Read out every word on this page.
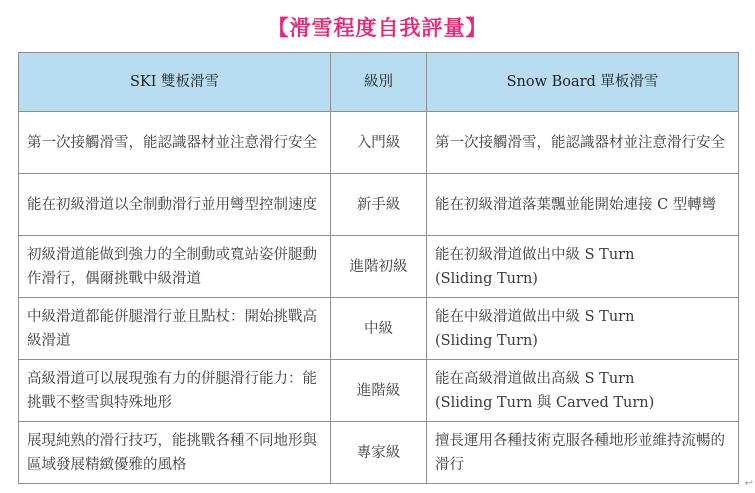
【滑雪程度自我評量】
SKI 雙板滑雪	級別	Snow Board 單板滑雪
第一次接觸滑雪，能認識器材並注意滑行安全	入門級	第一次接觸滑雪，能認識器材並注意滑行安全
能在初級滑道以全制動滑行並用彎型控制速度	新手級	能在初級滑道落葉飄並能開始連接 C 型轉彎
初級滑道能做到強力的全制動或寬站姿併腿動作滑行，偶爾挑戰中級滑道	進階初級	能在初級滑道做出中級 S Turn
(Sliding Turn)

中級滑道都能併腿滑行並且點杖：開始挑戰高級滑道	中級	能在中級滑道做出中級 S Turn
(Sliding Turn)

高級滑道可以展現強有力的併腿滑行能力：能挑戰不整雪與特殊地形	進階級	能在高級滑道做出高級 S Turn
(Sliding Turn 與 Carved Turn)

展現純熟的滑行技巧，能挑戰各種不同地形與區域發展精緻優雅的風格	專家級	擅長運用各種技術克服各種地形並維持流暢的滑行
↩
